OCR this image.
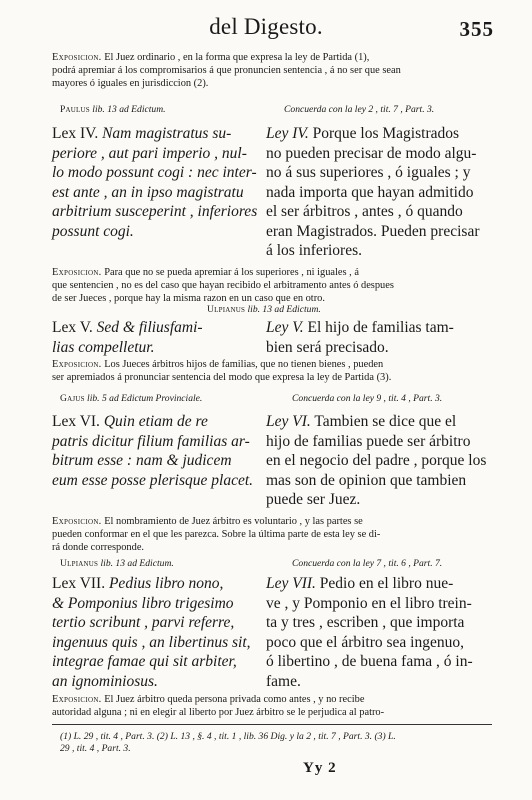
del Digesto.	355
Exposicion. El Juez ordinario , en la forma que expresa la ley de Partida (1),
podrá apremiar á los compromisarios á que pronuncien sentencia , á no ser que sean
mayores ó iguales en jurisdiccion (2).
Paulus lib. 13 ad Edictum.	Concuerda con la ley 2 , tit. 7 , Part. 3.
Lex IV. Nam magistratus su-
periore , aut pari imperio , nul-
lo modo possunt cogi : nec inter-
est ante , an in ipso magistratu
arbitrium susceperint , inferiores
possunt cogi.
Ley IV. Porque los Magistrados
no pueden precisar de modo algu-
no á sus superiores , ó iguales ; y
nada importa que hayan admitido
el ser árbitros , antes , ó quando
eran Magistrados. Pueden precisar
á los inferiores.
Exposicion. Para que no se pueda apremiar á los superiores , ni iguales , á
que sentencien , no es del caso que hayan recibido el arbitramento antes ó despues
de ser Jueces , porque hay la misma razon en un caso que en otro.
Ulpianus lib. 13 ad Edictum.
Lex V. Sed & filiusfami-
lias compelletur.
Ley V. El hijo de familias tam-
bien será precisado.
Exposicion. Los Jueces árbitros hijos de familias, que no tienen bienes , pueden
ser apremiados á pronunciar sentencia del modo que expresa la ley de Partida (3).
Gajus lib. 5 ad Edictum Provinciale.	Concuerda con la ley 9 , tit. 4 , Part. 3.
Lex VI. Quin etiam de re
patris dicitur filium familias ar-
bitrum esse : nam & judicem
eum esse posse plerisque placet.
Ley VI. Tambien se dice que el
hijo de familias puede ser árbitro
en el negocio del padre , porque los
mas son de opinion que tambien
puede ser Juez.
Exposicion. El nombramiento de Juez árbitro es voluntario , y las partes se
pueden conformar en el que les parezca. Sobre la última parte de esta ley se di-
rá donde corresponde.
Ulpianus lib. 13 ad Edictum.	Concuerda con la ley 7 , tit. 6 , Part. 7.
Lex VII. Pedius libro nono,
& Pomponius libro trigesimo
tertio scribunt , parvi referre,
ingenuus quis , an libertinus sit,
integrae famae qui sit arbiter,
an ignominiosus.
Ley VII. Pedio en el libro nue-
ve , y Pomponio en el libro trein-
ta y tres , escriben , que importa
poco que el árbitro sea ingenuo,
ó libertino , de buena fama , ó in-
fame.
Exposicion. El Juez árbitro queda persona privada como antes , y no recibe
autoridad alguna ; ni en elegir al liberto por Juez árbitro se le perjudica al patro-
(1) L. 29 , tit. 4 , Part. 3. (2) L. 13 , §. 4 , tit. 1 , lib. 36 Dig. y la 2 , tit. 7 , Part. 3. (3) L.
29 , tit. 4 , Part. 3.
Yy 2
